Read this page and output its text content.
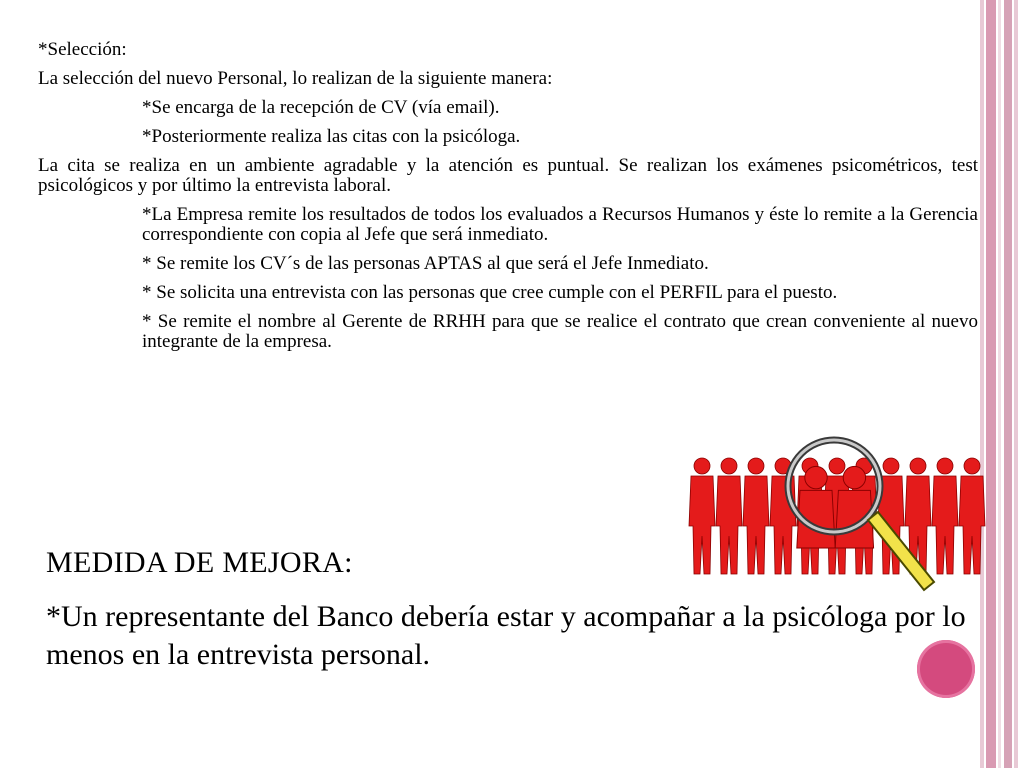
*Selección:

La selección del nuevo Personal, lo realizan de la siguiente manera:

*Se encarga de la recepción de CV (vía email).

*Posteriormente realiza las citas con la psicóloga.

La cita se realiza en un ambiente agradable y la atención es puntual. Se realizan los exámenes psicométricos, test psicológicos y por último la entrevista laboral.

*La Empresa remite los resultados de todos los evaluados a Recursos Humanos y éste lo remite a la Gerencia correspondiente con copia al Jefe que será inmediato.

* Se remite los CV´s de las personas APTAS al que será el Jefe Inmediato.

* Se solicita una entrevista con las personas que cree cumple con el PERFIL para el puesto.

* Se remite el nombre al Gerente de RRHH para que se realice el contrato que crean conveniente al nuevo integrante de la empresa.

MEDIDA DE MEJORA:
*Un representante del Banco debería estar y acompañar a la psicóloga por lo menos en la entrevista personal.
